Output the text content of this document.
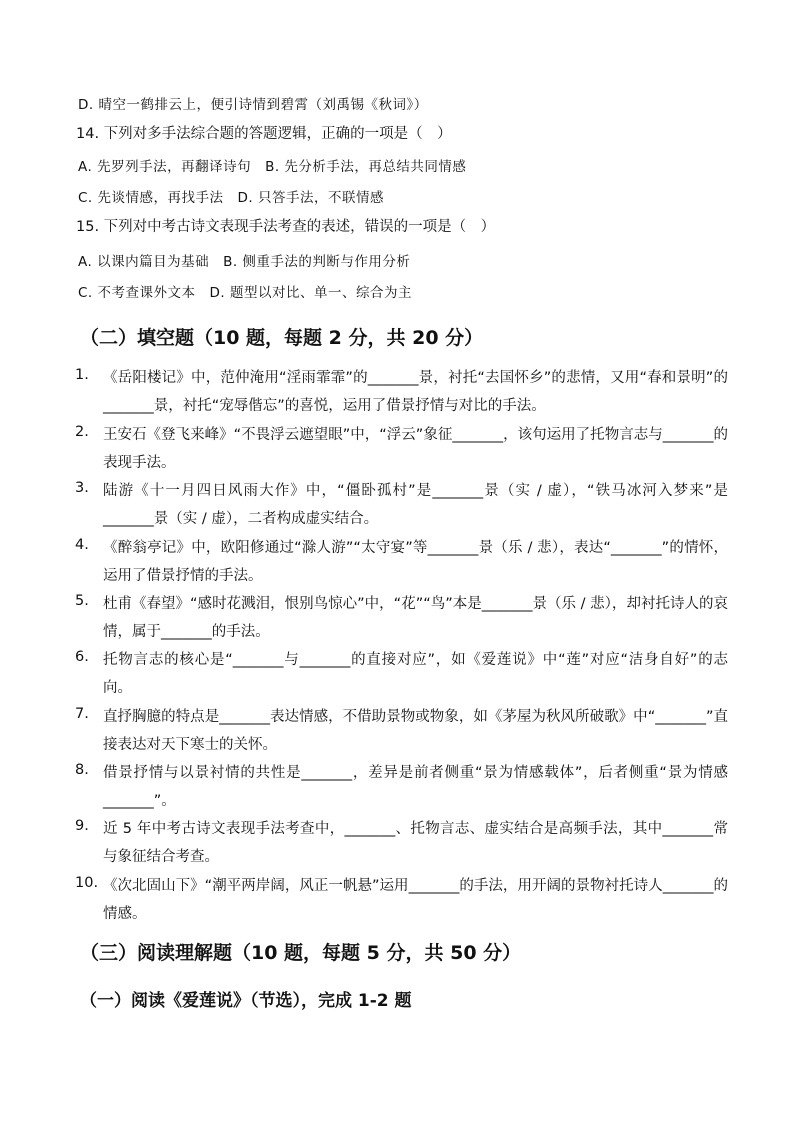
D. 晴空一鹤排云上，便引诗情到碧霄（刘禹锡《秋词》）

14. 下列对多手法综合题的答题逻辑，正确的一项是（　）

A. 先罗列手法，再翻译诗句　B. 先分析手法，再总结共同情感

C. 先谈情感，再找手法　D. 只答手法，不联情感

15. 下列对中考古诗文表现手法考查的表述，错误的一项是（　）

A. 以课内篇目为基础　B. 侧重手法的判断与作用分析

C. 不考查课外文本　D. 题型以对比、单一、综合为主

（二）填空题（10 题，每题 2 分，共 20 分）
1. 《岳阳楼记》中，范仲淹用“淫雨霏霏”的_______景，衬托“去国怀乡”的悲情，又用“春和景明”的_______景，衬托“宠辱偕忘”的喜悦，运用了借景抒情与对比的手法。
2. 王安石《登飞来峰》“不畏浮云遮望眼”中，“浮云”象征_______，该句运用了托物言志与_______的表现手法。
3. 陆游《十一月四日风雨大作》中，“僵卧孤村”是_______景（实 / 虚），“铁马冰河入梦来”是_______景（实 / 虚），二者构成虚实结合。
4. 《醉翁亭记》中，欧阳修通过“滁人游”“太守宴”等_______景（乐 / 悲），表达“_______”的情怀，运用了借景抒情的手法。
5. 杜甫《春望》“感时花溅泪，恨别鸟惊心”中，“花”“鸟”本是_______景（乐 / 悲），却衬托诗人的哀情，属于_______的手法。
6. 托物言志的核心是“_______与_______的直接对应”，如《爱莲说》中“莲”对应“洁身自好”的志向。
7. 直抒胸臆的特点是_______表达情感，不借助景物或物象，如《茅屋为秋风所破歌》中“_______”直接表达对天下寒士的关怀。
8. 借景抒情与以景衬情的共性是_______，差异是前者侧重“景为情感载体”，后者侧重“景为情感_______”。
9. 近 5 年中考古诗文表现手法考查中，_______、托物言志、虚实结合是高频手法，其中_______常与象征结合考查。
10. 《次北固山下》“潮平两岸阔，风正一帆悬”运用_______的手法，用开阔的景物衬托诗人_______的情感。
（三）阅读理解题（10 题，每题 5 分，共 50 分）
（一）阅读《爱莲说》（节选），完成 1-2 题
